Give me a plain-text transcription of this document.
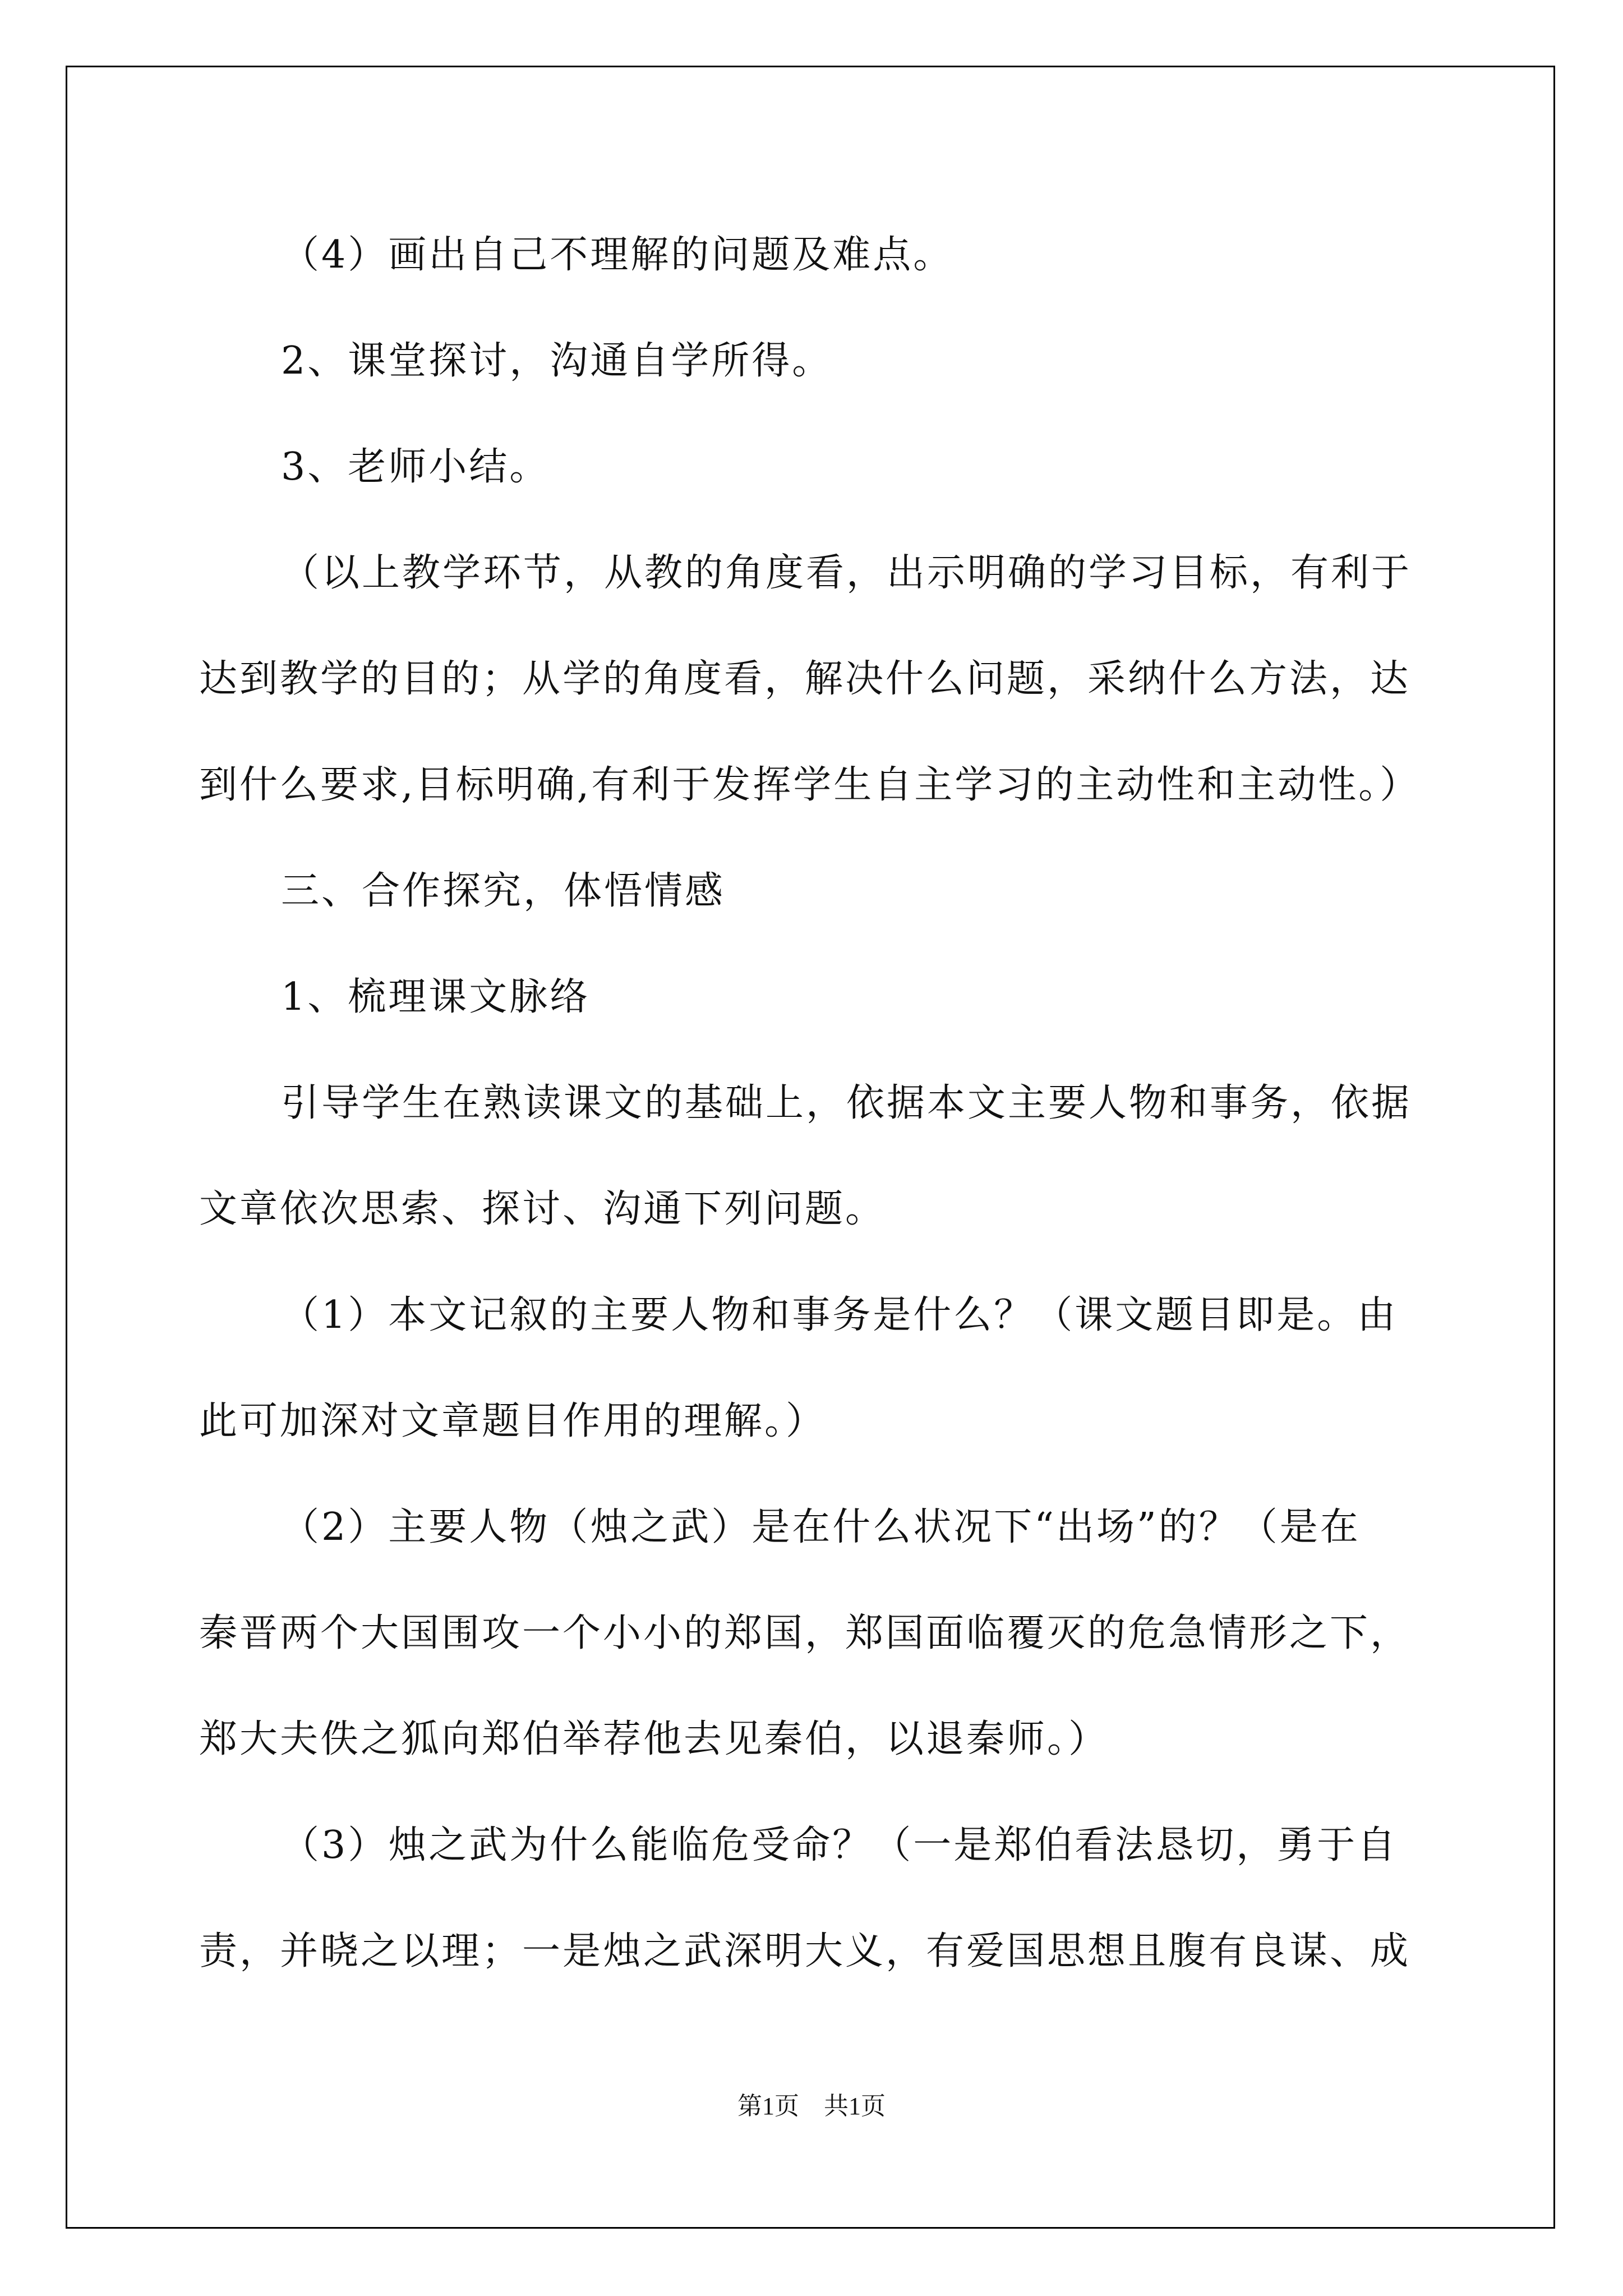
（4）画出自己不理解的问题及难点。

2、课堂探讨，沟通自学所得。

3、老师小结。

（以上教学环节，从教的角度看，出示明确的学习目标，有利于

达到教学的目的；从学的角度看，解决什么问题，采纳什么方法，达

到什么要求,目标明确,有利于发挥学生自主学习的主动性和主动性。）

三、合作探究，体悟情感

1、梳理课文脉络

引导学生在熟读课文的基础上，依据本文主要人物和事务，依据

文章依次思索、探讨、沟通下列问题。

（1）本文记叙的主要人物和事务是什么？（课文题目即是。由

此可加深对文章题目作用的理解。）

（2）主要人物（烛之武）是在什么状况下“出场”的？（是在

秦晋两个大国围攻一个小小的郑国，郑国面临覆灭的危急情形之下，

郑大夫佚之狐向郑伯举荐他去见秦伯，以退秦师。）

（3）烛之武为什么能临危受命？（一是郑伯看法恳切，勇于自

责，并晓之以理；一是烛之武深明大义，有爱国思想且腹有良谋、成

第1页　共1页
